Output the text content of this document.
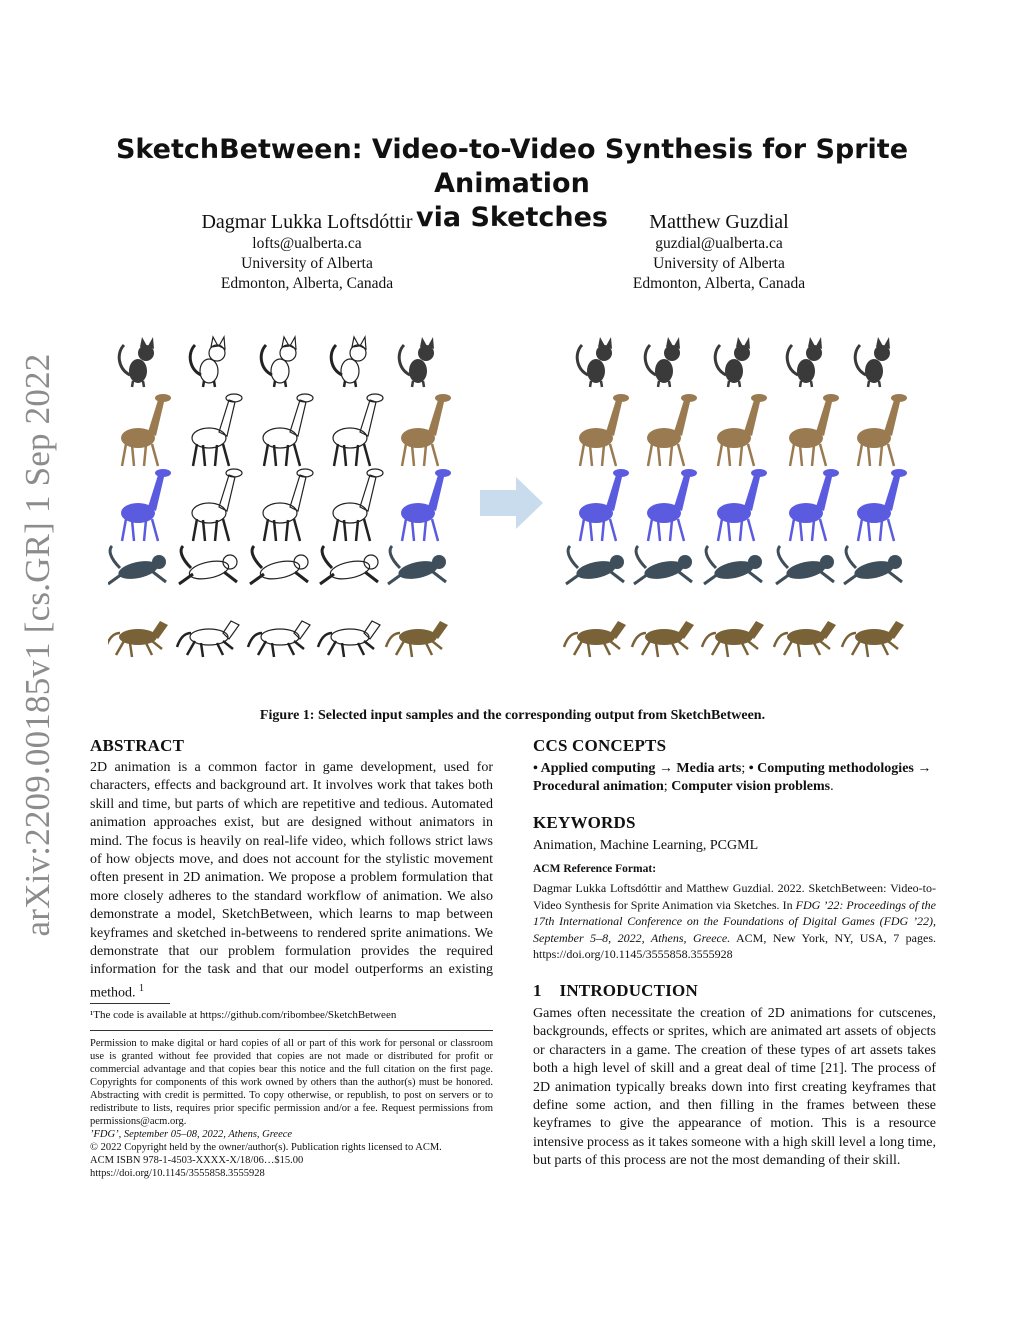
arXiv:2209.00185v1 [cs.GR] 1 Sep 2022
SketchBetween: Video-to-Video Synthesis for Sprite Animation
via Sketches
Dagmar Lukka Loftsdóttir
lofts@ualberta.ca
University of Alberta
Edmonton, Alberta, Canada
Matthew Guzdial
guzdial@ualberta.ca
University of Alberta
Edmonton, Alberta, Canada
Figure 1: Selected input samples and the corresponding output from SketchBetween.
ABSTRACT
2D animation is a common factor in game development, used for characters, effects and background art. It involves work that takes both skill and time, but parts of which are repetitive and tedious. Automated animation approaches exist, but are designed without animators in mind. The focus is heavily on real-life video, which follows strict laws of how objects move, and does not account for the stylistic movement often present in 2D animation. We propose a problem formulation that more closely adheres to the standard workflow of animation. We also demonstrate a model, SketchBetween, which learns to map between keyframes and sketched in-betweens to rendered sprite animations. We demonstrate that our problem formulation provides the required information for the task and that our model outperforms an existing method. $^1$
¹The code is available at https://github.com/ribombee/SketchBetween
Permission to make digital or hard copies of all or part of this work for personal or classroom use is granted without fee provided that copies are not made or distributed for profit or commercial advantage and that copies bear this notice and the full citation on the first page. Copyrights for components of this work owned by others than the author(s) must be honored. Abstracting with credit is permitted. To copy otherwise, or republish, to post on servers or to redistribute to lists, requires prior specific permission and/or a fee. Request permissions from permissions@acm.org.
’FDG’, September 05–08, 2022, Athens, Greece
© 2022 Copyright held by the owner/author(s). Publication rights licensed to ACM.
ACM ISBN 978-1-4503-XXXX-X/18/06…$15.00
https://doi.org/10.1145/3555858.3555928
CCS CONCEPTS
• Applied computing → Media arts; • Computing methodologies → Procedural animation; Computer vision problems.
KEYWORDS
Animation, Machine Learning, PCGML
ACM Reference Format:
Dagmar Lukka Loftsdóttir and Matthew Guzdial. 2022. SketchBetween: Video-to-Video Synthesis for Sprite Animation via Sketches. In FDG ’22: Proceedings of the 17th International Conference on the Foundations of Digital Games (FDG ’22), September 5–8, 2022, Athens, Greece. ACM, New York, NY, USA, 7 pages. https://doi.org/10.1145/3555858.3555928
1    INTRODUCTION
Games often necessitate the creation of 2D animations for cutscenes, backgrounds, effects or sprites, which are animated art assets of objects or characters in a game. The creation of these types of art assets takes both a high level of skill and a great deal of time [21]. The process of 2D animation typically breaks down into first creating keyframes that define some action, and then filling in the frames between these keyframes to give the appearance of motion. This is a resource intensive process as it takes someone with a high skill level a long time, but parts of this process are not the most demanding of their skill.
